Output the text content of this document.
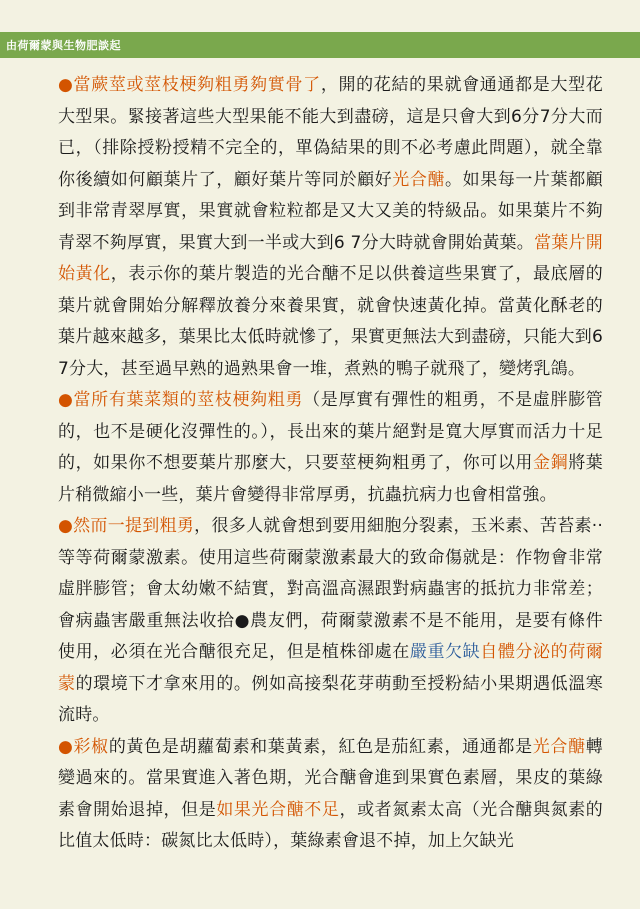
由荷爾蒙與生物肥談起

●當蕨莖或莖枝梗夠粗勇夠實骨了，開的花結的果就會通通都是大型花大型果。緊接著這些大型果能不能大到盡磅，這是只會大到6分7分大而已，（排除授粉授精不完全的，單偽結果的則不必考慮此問題），就全靠你後續如何顧葉片了，顧好葉片等同於顧好光合醣。如果每一片葉都顧到非常青翠厚實，果實就會粒粒都是又大又美的特級品。如果葉片不夠青翠不夠厚實，果實大到一半或大到6 7分大時就會開始黃葉。當葉片開始黃化，表示你的葉片製造的光合醣不足以供養這些果實了，最底層的葉片就會開始分解釋放養分來養果實，就會快速黃化掉。當黃化酥老的葉片越來越多，葉果比太低時就慘了，果實更無法大到盡磅，只能大到6 7分大，甚至過早熟的過熟果會一堆，煮熟的鴨子就飛了，變烤乳鴿。

●當所有葉菜類的莖枝梗夠粗勇（是厚實有彈性的粗勇，不是虛胖膨管的，也不是硬化沒彈性的。），長出來的葉片絕對是寬大厚實而活力十足的，如果你不想要葉片那麼大，只要莖梗夠粗勇了，你可以用金鋼將葉片稍微縮小一些，葉片會變得非常厚勇，抗蟲抗病力也會相當強。

●然而一提到粗勇，很多人就會想到要用細胞分裂素，玉米素、苦苔素‧‧等等荷爾蒙激素。使用這些荷爾蒙激素最大的致命傷就是：作物會非常虛胖膨管；會太幼嫩不結實，對高溫高濕跟對病蟲害的抵抗力非常差；會病蟲害嚴重無法收拾●農友們，荷爾蒙激素不是不能用，是要有條件使用，必須在光合醣很充足，但是植株卻處在嚴重欠缺自體分泌的荷爾蒙的環境下才拿來用的。例如高接梨花芽萌動至授粉結小果期遇低溫寒流時。

●彩椒的黃色是胡蘿蔔素和葉黃素，紅色是茄紅素，通通都是光合醣轉變過來的。當果實進入著色期，光合醣會進到果實色素層，果皮的葉綠素會開始退掉，但是如果光合醣不足，或者氮素太高（光合醣與氮素的比值太低時：碳氮比太低時），葉綠素會退不掉，加上欠缺光
